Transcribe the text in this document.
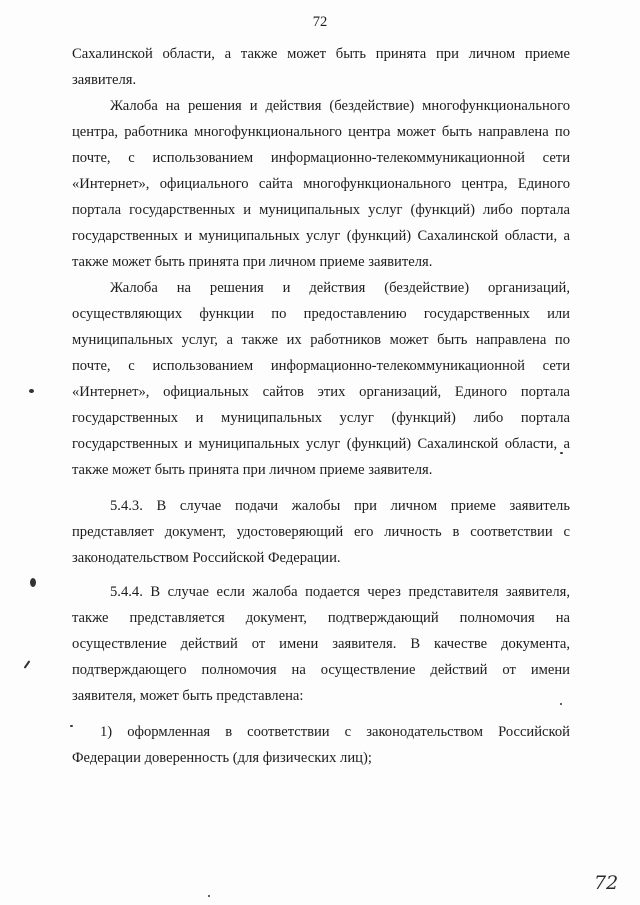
72
Сахалинской области, а также может быть принята при личном приеме
заявителя.
Жалоба на решения и действия (бездействие) многофункционального
центра, работника многофункционального центра может быть направлена по
почте, с использованием информационно-телекоммуникационной сети
«Интернет», официального сайта многофункционального центра, Единого
портала государственных и муниципальных услуг (функций) либо портала
государственных и муниципальных услуг (функций) Сахалинской области, а
также может быть принята при личном приеме заявителя.
Жалоба на решения и действия (бездействие) организаций,
осуществляющих функции по предоставлению государственных или
муниципальных услуг, а также их работников может быть направлена по
почте, с использованием информационно-телекоммуникационной сети
«Интернет», официальных сайтов этих организаций, Единого портала
государственных и муниципальных услуг (функций) либо портала
государственных и муниципальных услуг (функций) Сахалинской области, а
также может быть принята при личном приеме заявителя.
5.4.3. В случае подачи жалобы при личном приеме заявитель
представляет документ, удостоверяющий его личность в соответствии с
законодательством Российской Федерации.
5.4.4. В случае если жалоба подается через представителя заявителя,
также представляется документ, подтверждающий полномочия на
осуществление действий от имени заявителя. В качестве документа,
подтверждающего полномочия на осуществление действий от имени
заявителя, может быть представлена:
1) оформленная в соответствии с законодательством Российской
Федерации доверенность (для физических лиц);
72
